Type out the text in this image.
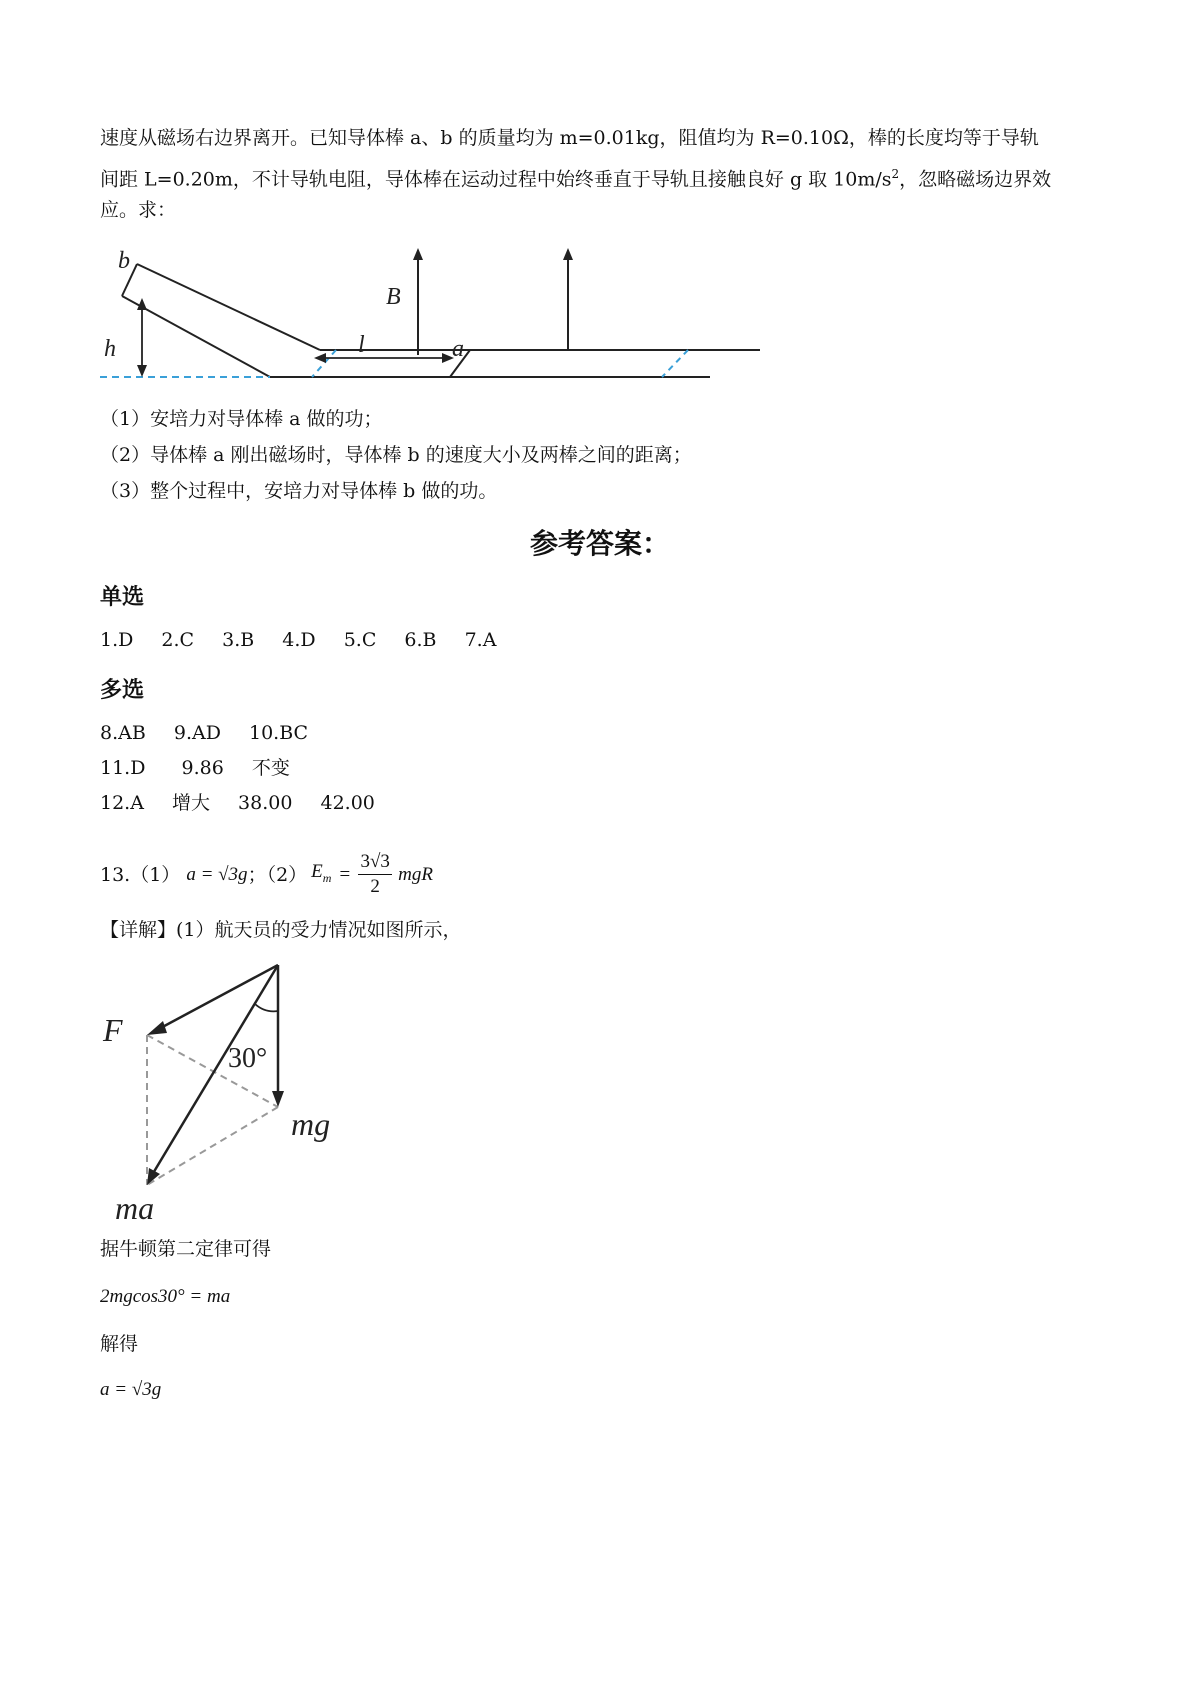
速度从磁场右边界离开。已知导体棒 a、b 的质量均为 m=0.01kg，阻值均为 R=0.10Ω，棒的长度均等于导轨
间距 L=0.20m，不计导轨电阻，导体棒在运动过程中始终垂直于导轨且接触良好 g 取 $10m/s^2$，忽略磁场边界效
应。求：
b
B
h	l	a
（1）安培力对导体棒 a 做的功；
（2）导体棒 a 刚出磁场时，导体棒 b 的速度大小及两棒之间的距离；
（3）整个过程中，安培力对导体棒 b 做的功。
参考答案：
单选
1.D 2.C 3.B 4.D 5.C 6.B 7.A
多选
8.AB 9.AD 10.BC
11.D 9.86 不变
12.A 增大 38.00 42.00
13.（1） a = √3g ；（2） $E_m$ =
3√3
2
mgR
【详解】(1）航天员的受力情况如图所示，
F
30°
mg
ma
据牛顿第二定律可得
2mgcos30° = ma
解得
a = √3g
